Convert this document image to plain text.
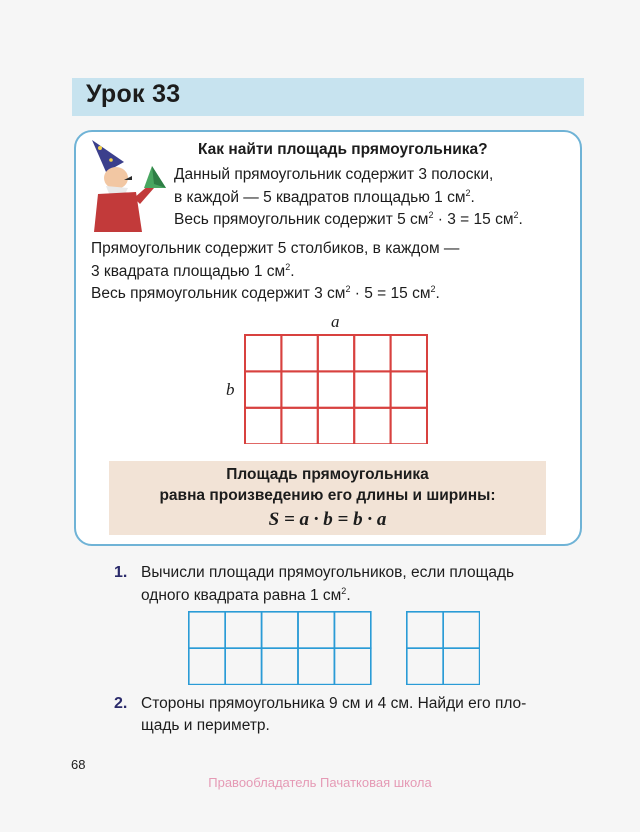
Урок 33
Как найти площадь прямоугольника?
Данный прямоугольник содержит 3 полоски,
в каждой — 5 квадратов площадью 1 $см^2$.
Весь прямоугольник содержит 5 $см^2 \cdot 3 = 15$ $см^2$.
Прямоугольник содержит 5 столбиков, в каждом —
3 квадрата площадью 1 $см^2$.
Весь прямоугольник содержит 3 $см^2 \cdot 5 = 15$ $см^2$.
a
b
Площадь прямоугольника
равна произведению его длины и ширины:
S = a · b = b · a
1. Вычисли площади прямоугольников, если площадь
одного квадрата равна 1 $см^2$.
2. Стороны прямоугольника 9 см и 4 см. Найди его пло-
щадь и периметр.
68
Правообладатель Пачатковая школа
